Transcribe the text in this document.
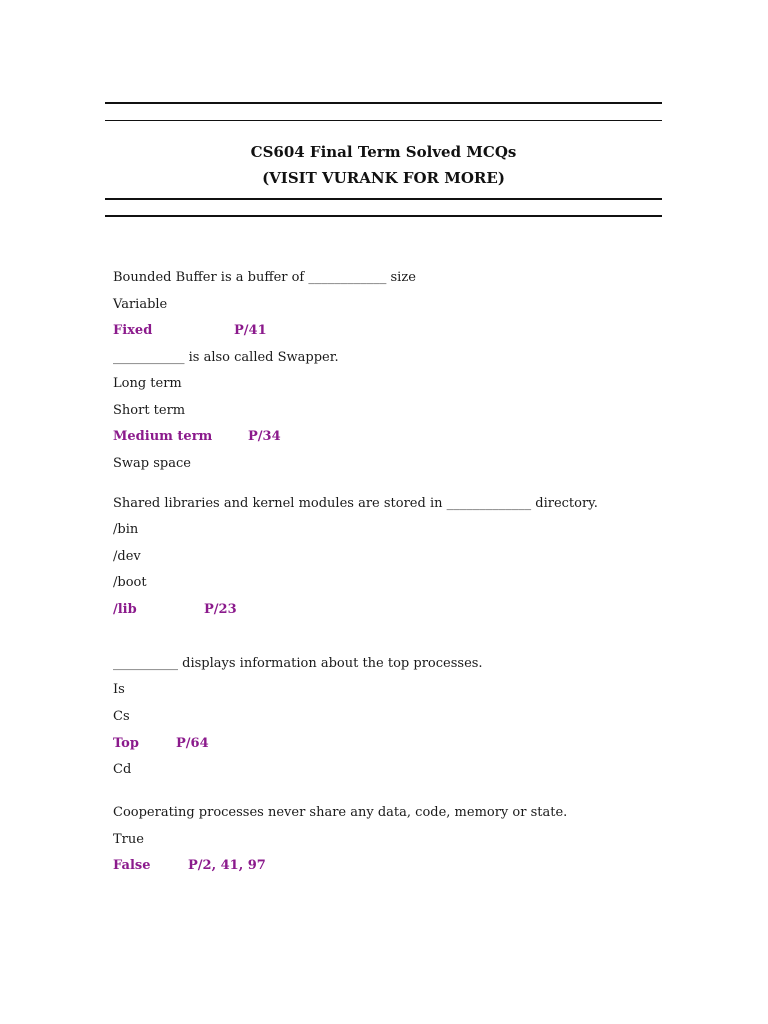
CS604 Final Term Solved MCQs
(VISIT VURANK FOR MORE)
Bounded Buffer is a buffer of ____________ size
Variable
Fixed	P/41
___________ is also called Swapper.
Long term
Short term
Medium term	P/34
Swap space
Shared libraries and kernel modules are stored in _____________ directory.
/bin
/dev
/boot
/lib	P/23
__________ displays information about the top processes.
Is
Cs
Top	P/64
Cd
Cooperating processes never share any data, code, memory or state.
True
False	P/2, 41, 97
